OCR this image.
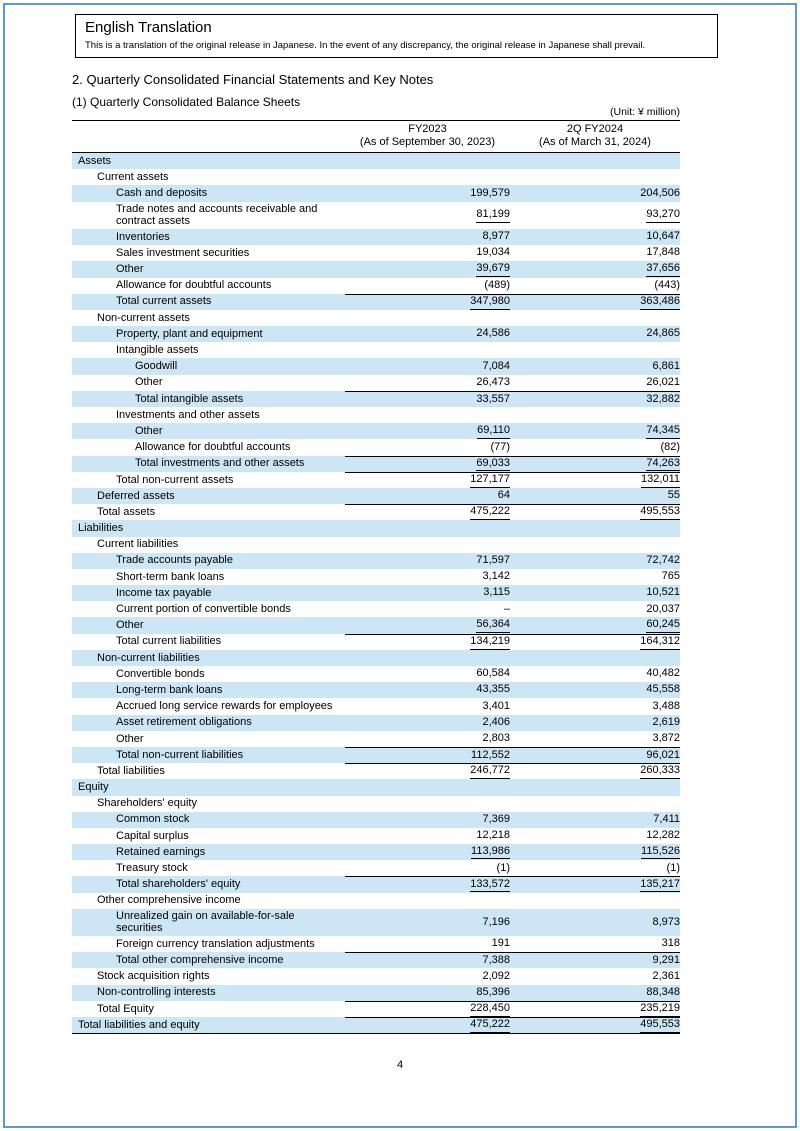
English Translation
This is a translation of the original release in Japanese. In the event of any discrepancy, the original release in Japanese shall prevail.
2. Quarterly Consolidated Financial Statements and Key Notes
(1) Quarterly Consolidated Balance Sheets
(Unit: ¥ million)
FY2023
(As of September 30, 2023)
2Q FY2024
(As of March 31, 2024)
Assets
Current assets
Cash and deposits	199,579	204,506
Trade notes and accounts receivable and contract assets
81,199	93,270
Inventories	8,977	10,647
Sales investment securities	19,034	17,848
Other	39,679	37,656
Allowance for doubtful accounts	(489)	(443)
Total current assets	347,980	363,486
Non-current assets
Property, plant and equipment	24,586	24,865
Intangible assets
Goodwill	7,084	6,861
Other	26,473	26,021
Total intangible assets	33,557	32,882
Investments and other assets
Other	69,110	74,345
Allowance for doubtful accounts	(77)	(82)
Total investments and other assets	69,033	74,263
Total non-current assets	127,177	132,011
Deferred assets	64	55
Total assets	475,222	495,553
Liabilities
Current liabilities
Trade accounts payable	71,597	72,742
Short-term bank loans	3,142	765
Income tax payable	3,115	10,521
Current portion of convertible bonds	–	20,037
Other	56,364	60,245
Total current liabilities	134,219	164,312
Non-current liabilities
Convertible bonds	60,584	40,482
Long-term bank loans	43,355	45,558
Accrued long service rewards for employees	3,401	3,488
Asset retirement obligations	2,406	2,619
Other	2,803	3,872
Total non-current liabilities	112,552	96,021
Total liabilities	246,772	260,333
Equity
Shareholders' equity
Common stock	7,369	7,411
Capital surplus	12,218	12,282
Retained earnings	113,986	115,526
Treasury stock	(1)	(1)
Total shareholders' equity	133,572	135,217
Other comprehensive income
Unrealized gain on available-for-sale securities
7,196	8,973
Foreign currency translation adjustments	191	318
Total other comprehensive income	7,388	9,291
Stock acquisition rights	2,092	2,361
Non-controlling interests	85,396	88,348
Total Equity	228,450	235,219
Total liabilities and equity	475,222	495,553
4
